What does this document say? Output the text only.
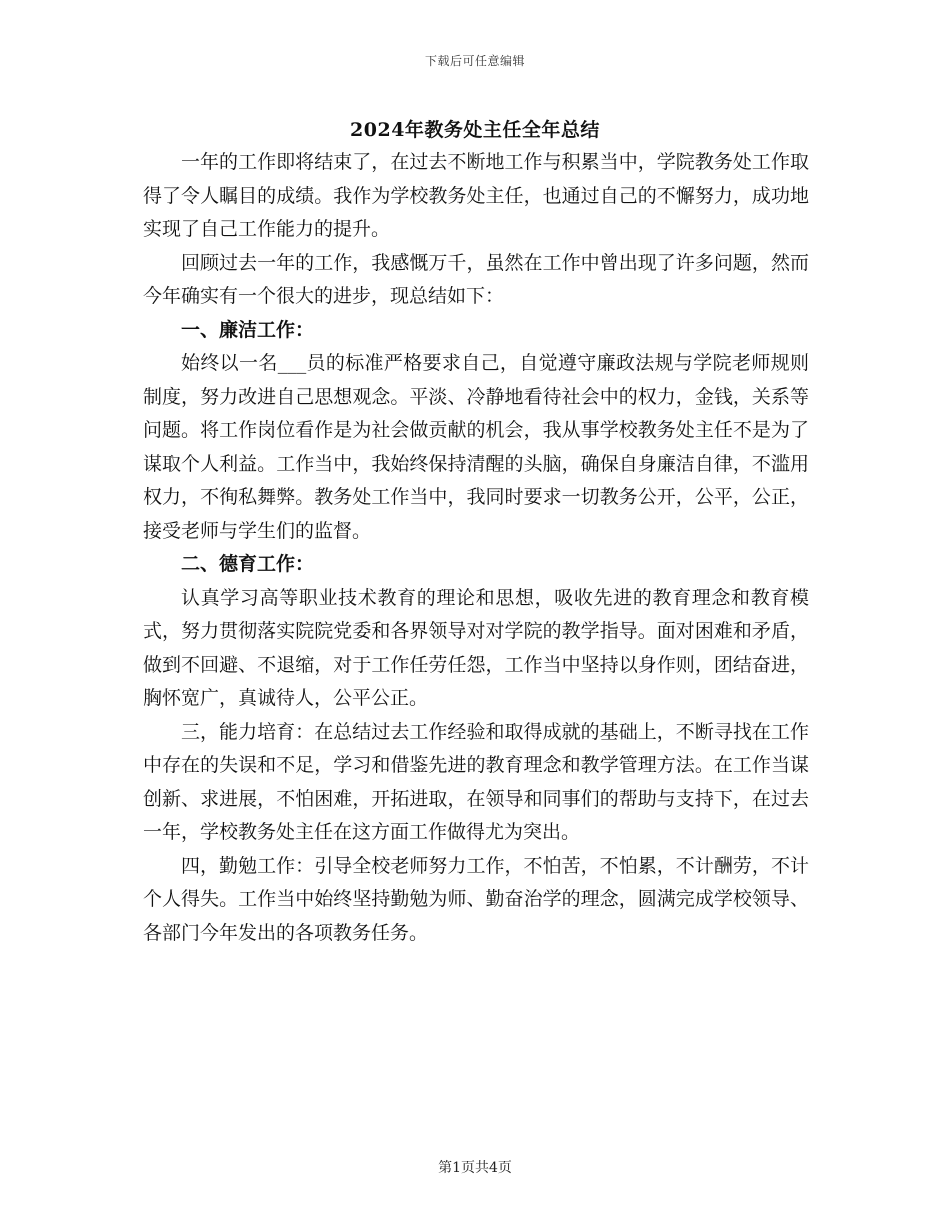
下载后可任意编辑
2024年教务处主任全年总结

一年的工作即将结束了，在过去不断地工作与积累当中，学院教务处工作取得了令人瞩目的成绩。我作为学校教务处主任，也通过自己的不懈努力，成功地实现了自己工作能力的提升。

回顾过去一年的工作，我感慨万千，虽然在工作中曾出现了许多问题，然而今年确实有一个很大的进步，现总结如下：

一、廉洁工作：

始终以一名___员的标准严格要求自己，自觉遵守廉政法规与学院老师规则制度，努力改进自己思想观念。平淡、冷静地看待社会中的权力，金钱，关系等问题。将工作岗位看作是为社会做贡献的机会，我从事学校教务处主任不是为了谋取个人利益。工作当中，我始终保持清醒的头脑，确保自身廉洁自律，不滥用权力，不徇私舞弊。教务处工作当中，我同时要求一切教务公开，公平，公正，接受老师与学生们的监督。

二、德育工作：

认真学习高等职业技术教育的理论和思想，吸收先进的教育理念和教育模式，努力贯彻落实院院党委和各界领导对对学院的教学指导。面对困难和矛盾，做到不回避、不退缩，对于工作任劳任怨，工作当中坚持以身作则，团结奋进，胸怀宽广，真诚待人，公平公正。

三，能力培育：在总结过去工作经验和取得成就的基础上，不断寻找在工作中存在的失误和不足，学习和借鉴先进的教育理念和教学管理方法。在工作当谋创新、求进展，不怕困难，开拓进取，在领导和同事们的帮助与支持下，在过去一年，学校教务处主任在这方面工作做得尤为突出。

四，勤勉工作：引导全校老师努力工作，不怕苦，不怕累，不计酬劳，不计个人得失。工作当中始终坚持勤勉为师、勤奋治学的理念，圆满完成学校领导、各部门今年发出的各项教务任务。

第1页共4页
